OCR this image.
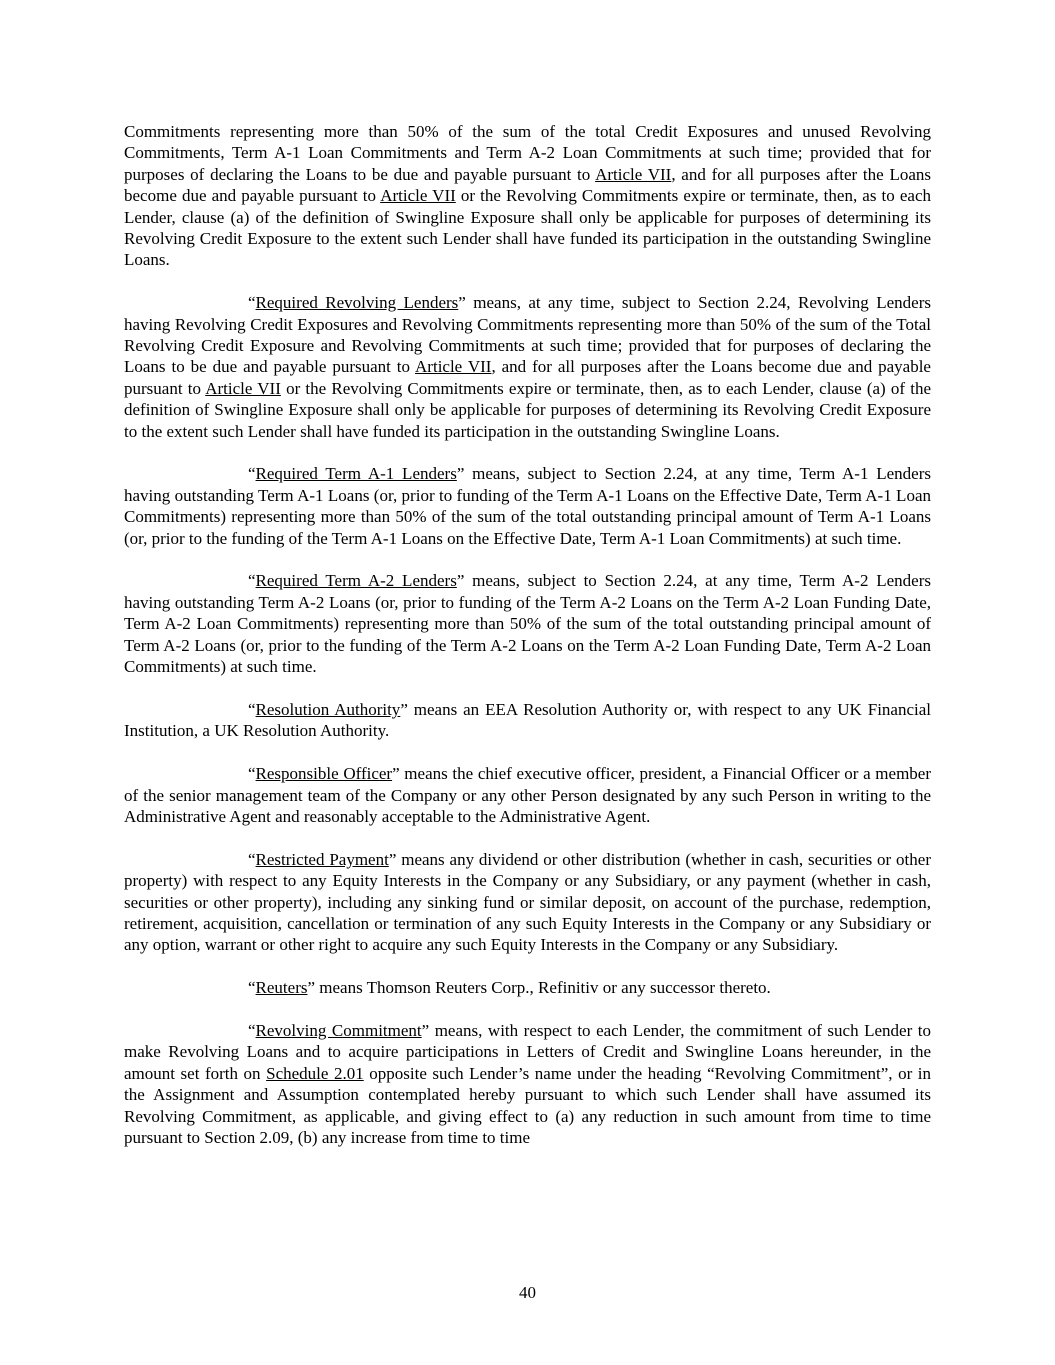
Commitments representing more than 50% of the sum of the total Credit Exposures and unused Revolving Commitments, Term A-1 Loan Commitments and Term A-2 Loan Commitments at such time; provided that for purposes of declaring the Loans to be due and payable pursuant to Article VII, and for all purposes after the Loans become due and payable pursuant to Article VII or the Revolving Commitments expire or terminate, then, as to each Lender, clause (a) of the definition of Swingline Exposure shall only be applicable for purposes of determining its Revolving Credit Exposure to the extent such Lender shall have funded its participation in the outstanding Swingline Loans.

“Required Revolving Lenders” means, at any time, subject to Section 2.24, Revolving Lenders having Revolving Credit Exposures and Revolving Commitments representing more than 50% of the sum of the Total Revolving Credit Exposure and Revolving Commitments at such time; provided that for purposes of declaring the Loans to be due and payable pursuant to Article VII, and for all purposes after the Loans become due and payable pursuant to Article VII or the Revolving Commitments expire or terminate, then, as to each Lender, clause (a) of the definition of Swingline Exposure shall only be applicable for purposes of determining its Revolving Credit Exposure to the extent such Lender shall have funded its participation in the outstanding Swingline Loans.

“Required Term A-1 Lenders” means, subject to Section 2.24, at any time, Term A-1 Lenders having outstanding Term A-1 Loans (or, prior to funding of the Term A-1 Loans on the Effective Date, Term A-1 Loan Commitments) representing more than 50% of the sum of the total outstanding principal amount of Term A-1 Loans (or, prior to the funding of the Term A-1 Loans on the Effective Date, Term A-1 Loan Commitments) at such time.

“Required Term A-2 Lenders” means, subject to Section 2.24, at any time, Term A-2 Lenders having outstanding Term A-2 Loans (or, prior to funding of the Term A-2 Loans on the Term A-2 Loan Funding Date, Term A-2 Loan Commitments) representing more than 50% of the sum of the total outstanding principal amount of Term A-2 Loans (or, prior to the funding of the Term A-2 Loans on the Term A-2 Loan Funding Date, Term A-2 Loan Commitments) at such time.

“Resolution Authority” means an EEA Resolution Authority or, with respect to any UK Financial Institution, a UK Resolution Authority.

“Responsible Officer” means the chief executive officer, president, a Financial Officer or a member of the senior management team of the Company or any other Person designated by any such Person in writing to the Administrative Agent and reasonably acceptable to the Administrative Agent.

“Restricted Payment” means any dividend or other distribution (whether in cash, securities or other property) with respect to any Equity Interests in the Company or any Subsidiary, or any payment (whether in cash, securities or other property), including any sinking fund or similar deposit, on account of the purchase, redemption, retirement, acquisition, cancellation or termination of any such Equity Interests in the Company or any Subsidiary or any option, warrant or other right to acquire any such Equity Interests in the Company or any Subsidiary.

“Reuters” means Thomson Reuters Corp., Refinitiv or any successor thereto.

“Revolving Commitment” means, with respect to each Lender, the commitment of such Lender to make Revolving Loans and to acquire participations in Letters of Credit and Swingline Loans hereunder, in the amount set forth on Schedule 2.01 opposite such Lender’s name under the heading “Revolving Commitment”, or in the Assignment and Assumption contemplated hereby pursuant to which such Lender shall have assumed its Revolving Commitment, as applicable, and giving effect to (a) any reduction in such amount from time to time pursuant to Section 2.09, (b) any increase from time to time

40
